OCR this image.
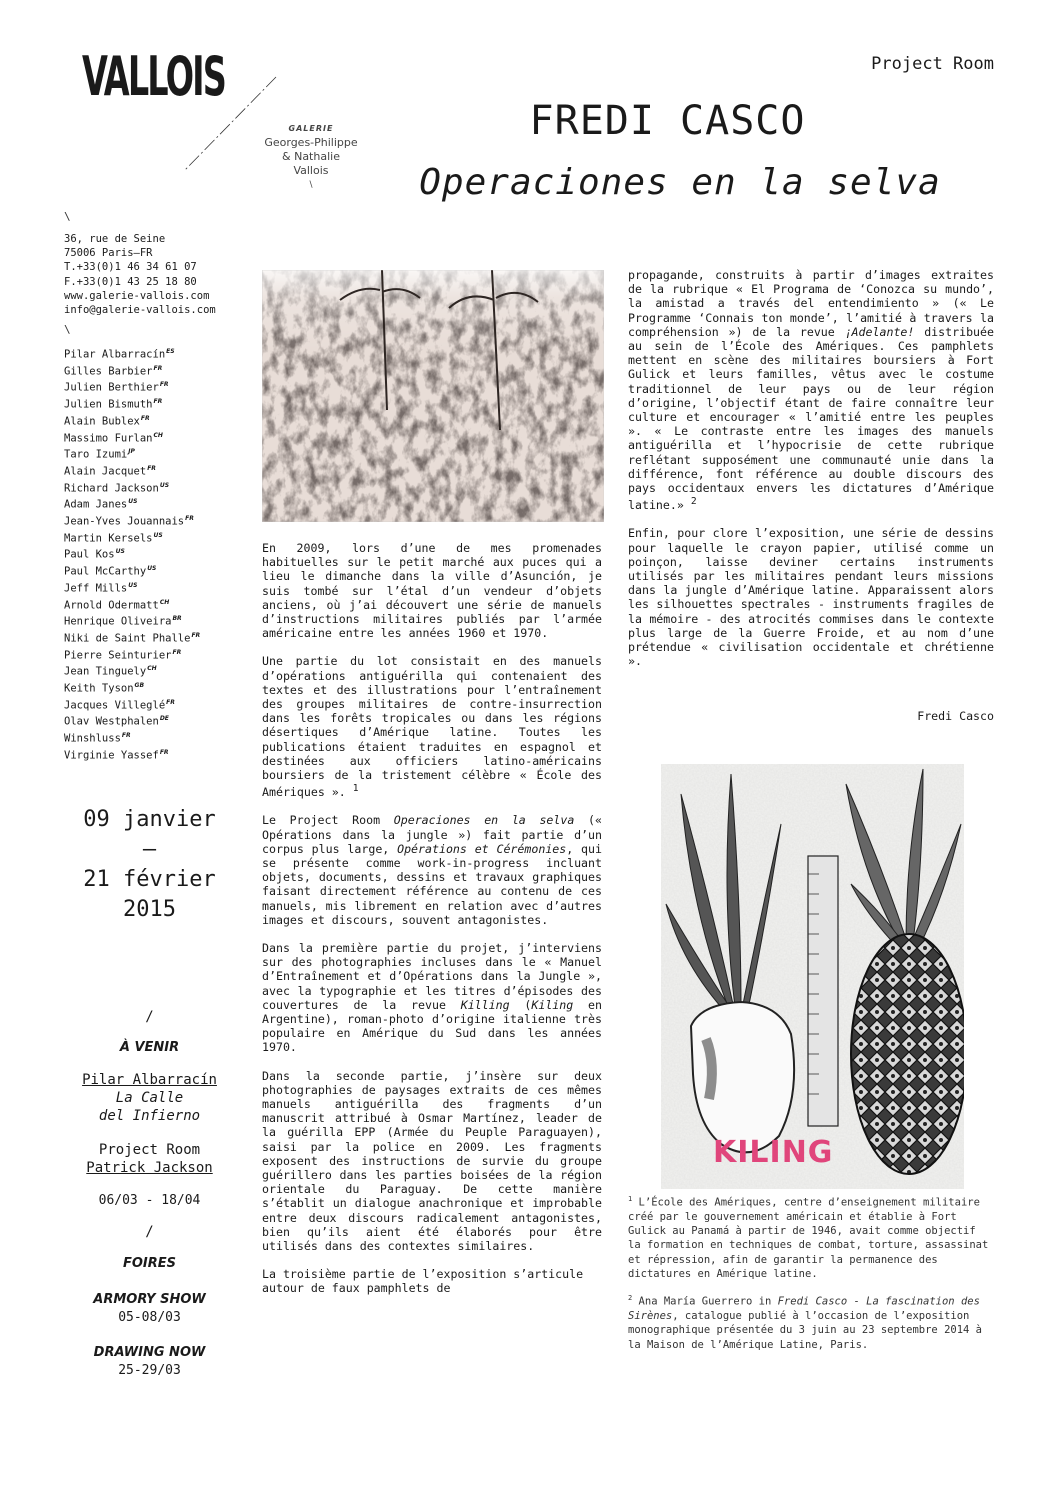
VALLOIS
GALERIE
Georges-Philippe
& Nathalie
Vallois
\
Project Room
FREDI CASCO
Operaciones en la selva
\
36, rue de Seine
75006 Paris—FR
T.+33(0)1 46 34 61 07
F.+33(0)1 43 25 18 80
www.galerie-vallois.com
info@galerie-vallois.com
\
Pilar Albarracín$^{ES}$
Gilles Barbier$^{FR}$
Julien Berthier$^{FR}$
Julien Bismuth$^{FR}$
Alain Bublex$^{FR}$
Massimo Furlan$^{CH}$
Taro Izumi$^{JP}$
Alain Jacquet$^{FR}$
Richard Jackson$^{US}$
Adam Janes$^{US}$
Jean-Yves Jouannais$^{FR}$
Martin Kersels$^{US}$
Paul Kos$^{US}$
Paul McCarthy$^{US}$
Jeff Mills$^{US}$
Arnold Odermatt$^{CH}$
Henrique Oliveira$^{BR}$
Niki de Saint Phalle$^{FR}$
Pierre Seinturier$^{FR}$
Jean Tinguely$^{CH}$
Keith Tyson$^{GB}$
Jacques Villeglé$^{FR}$
Olav Westphalen$^{DE}$
Winshluss$^{FR}$
Virginie Yassef$^{FR}$
09 janvier
—
21 février
2015
/
À VENIR
Pilar Albarracín
La Calle
del Infierno
Project Room
Patrick Jackson
06/03 - 18/04
/
FOIRES
ARMORY SHOW
05-08/03
DRAWING NOW
25-29/03

En 2009, lors d’une de mes promenades habituelles sur le petit marché aux puces qui a lieu le dimanche dans la ville d’Asunción, je suis tombé sur l’étal d’un vendeur d’objets anciens, où j’ai découvert une série de manuels d’instructions militaires publiés par l’armée américaine entre les années 1960 et 1970.

Une partie du lot consistait en des manuels d’opérations antiguérilla qui contenaient des textes et des illustrations pour l’entraînement des groupes militaires de contre-insurrection dans les forêts tropicales ou dans les régions désertiques d’Amérique latine. Toutes les publications étaient traduites en espagnol et destinées aux officiers latino-américains boursiers de la tristement célèbre « École des Amériques ». $^1$

Le Project Room Operaciones en la selva (« Opérations dans la jungle ») fait partie d’un corpus plus large, Opérations et Cérémonies, qui se présente comme work-in-progress incluant objets, documents, dessins et travaux graphiques faisant directement référence au contenu de ces manuels, mis librement en relation avec d’autres images et discours, souvent antagonistes.

Dans la première partie du projet, j’interviens sur des photographies incluses dans le « Manuel d’Entraînement et d’Opérations dans la Jungle », avec la typographie et les titres d’épisodes des couvertures de la revue Killing (Kiling en Argentine), roman-photo d’origine italienne très populaire en Amérique du Sud dans les années 1970.

Dans la seconde partie, j’insère sur deux photographies de paysages extraits de ces mêmes manuels antiguérilla des fragments d’un manuscrit attribué à Osmar Martínez, leader de la guérilla EPP (Armée du Peuple Paraguayen), saisi par la police en 2009. Les fragments exposent des instructions de survie du groupe guérillero dans les parties boisées de la région orientale du Paraguay. De cette manière s’établit un dialogue anachronique et improbable entre deux discours radicalement antagonistes, bien qu’ils aient été élaborés pour être utilisés dans des contextes similaires.

La troisième partie de l’exposition s’articule autour de faux pamphlets de

propagande, construits à partir d’images extraites de la rubrique « El Programa de ‘Conozca su mundo’, la amistad a través del entendimiento » (« Le Programme ‘Connais ton monde’, l’amitié à travers la compréhension ») de la revue ¡Adelante! distribuée au sein de l’École des Amériques. Ces pamphlets mettent en scène des militaires boursiers à Fort Gulick et leurs familles, vêtus avec le costume traditionnel de leur pays ou de leur région d’origine, l’objectif étant de faire connaître leur culture et encourager « l’amitié entre les peuples ». « Le contraste entre les images des manuels antiguérilla et l’hypocrisie de cette rubrique reflétant supposément une communauté unie dans la différence, font référence au double discours des pays occidentaux envers les dictatures d’Amérique latine.» $^2$

Enfin, pour clore l’exposition, une série de dessins pour laquelle le crayon papier, utilisé comme un poinçon, laisse deviner certains instruments utilisés par les militaires pendant leurs missions dans la jungle d’Amérique latine. Apparaissent alors les silhouettes spectrales - instruments fragiles de la mémoire - des atrocités commises dans le contexte plus large de la Guerre Froide, et au nom d’une prétendue « civilisation occidentale et chrétienne ».

Fredi Casco
KILING

$^1$ L’École des Amériques, centre d’enseignement militaire créé par le gouvernement américain et établie à Fort Gulick au Panamá à partir de 1946, avait comme objectif la formation en techniques de combat, torture, assassinat et répression, afin de garantir la permanence des dictatures en Amérique latine.

$^2$ Ana María Guerrero in Fredi Casco - La fascination des Sirènes, catalogue publié à l’occasion de l’exposition monographique présentée du 3 juin au 23 septembre 2014 à la Maison de l’Amérique Latine, Paris.
